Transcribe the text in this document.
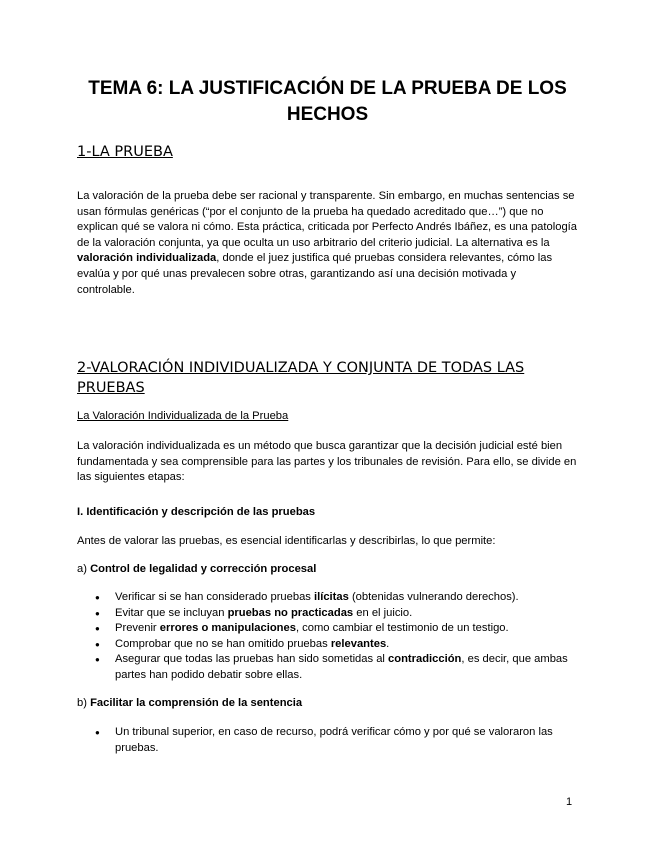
TEMA 6: LA JUSTIFICACIÓN DE LA PRUEBA DE LOS HECHOS
1-LA PRUEBA
La valoración de la prueba debe ser racional y transparente. Sin embargo, en muchas sentencias se usan fórmulas genéricas (“por el conjunto de la prueba ha quedado acreditado que…”) que no explican qué se valora ni cómo. Esta práctica, criticada por Perfecto Andrés Ibáñez, es una patología de la valoración conjunta, ya que oculta un uso arbitrario del criterio judicial. La alternativa es la valoración individualizada, donde el juez justifica qué pruebas considera relevantes, cómo las evalúa y por qué unas prevalecen sobre otras, garantizando así una decisión motivada y controlable.
2-VALORACIÓN INDIVIDUALIZADA Y CONJUNTA DE TODAS LAS PRUEBAS
La Valoración Individualizada de la Prueba
La valoración individualizada es un método que busca garantizar que la decisión judicial esté bien fundamentada y sea comprensible para las partes y los tribunales de revisión. Para ello, se divide en las siguientes etapas:
I. Identificación y descripción de las pruebas
Antes de valorar las pruebas, es esencial identificarlas y describirlas, lo que permite:
a) Control de legalidad y corrección procesal
● Verificar si se han considerado pruebas ilícitas (obtenidas vulnerando derechos).
● Evitar que se incluyan pruebas no practicadas en el juicio.
● Prevenir errores o manipulaciones, como cambiar el testimonio de un testigo.
● Comprobar que no se han omitido pruebas relevantes.
● Asegurar que todas las pruebas han sido sometidas al contradicción, es decir, que ambas partes han podido debatir sobre ellas.
b) Facilitar la comprensión de la sentencia
● Un tribunal superior, en caso de recurso, podrá verificar cómo y por qué se valoraron las pruebas.
1
